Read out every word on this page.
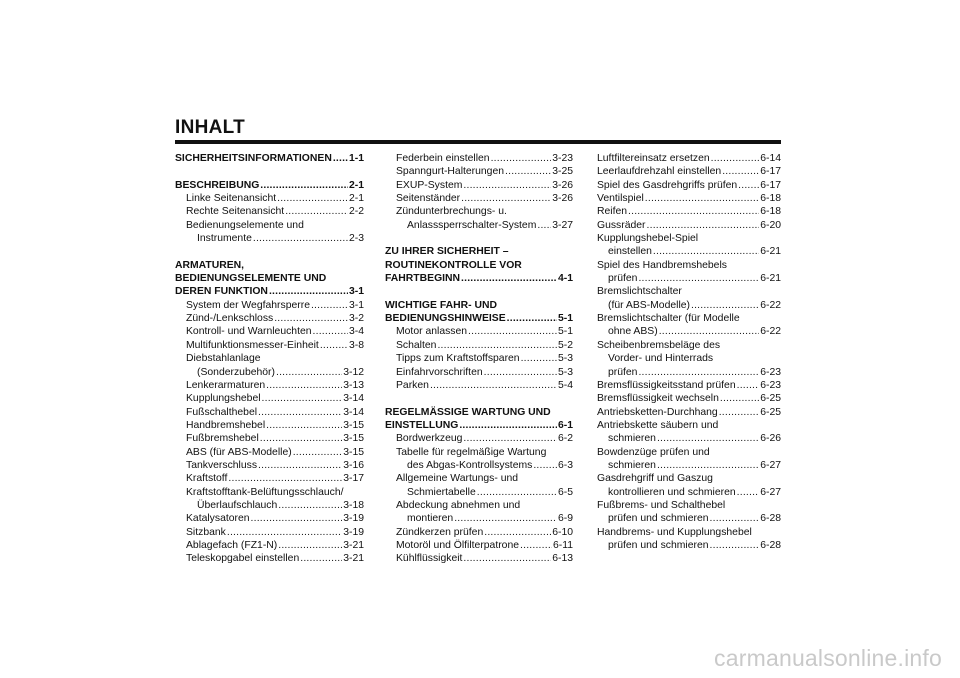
INHALT
SICHERHEITSINFORMATIONEN ..... 1-1
BESCHREIBUNG .....	2-1
Linke Seitenansicht .....	2-1
Rechte Seitenansicht .....	2-2
Bedienungselemente und
Instrumente .....	2-3
ARMATUREN,
BEDIENUNGSELEMENTE UND
DEREN FUNKTION .....	3-1
System der Wegfahrsperre .....	3-1
Zünd-/Lenkschloss .....	3-2
Kontroll- und Warnleuchten .....	3-4
Multifunktionsmesser-Einheit .....	3-8
Diebstahlanlage
(Sonderzubehör) .....	3-12
Lenkerarmaturen .....	3-13
Kupplungshebel .....	3-14
Fußschalthebel .....	3-14
Handbremshebel .....	3-15
Fußbremshebel .....	3-15
ABS (für ABS-Modelle) .....	3-15
Tankverschluss .....	3-16
Kraftstoff .....	3-17
Kraftstofftank-Belüftungsschlauch/
Überlaufschlauch .....	3-18
Katalysatoren .....	3-19
Sitzbank .....	3-19
Ablagefach (FZ1-N) .....	3-21
Teleskopgabel einstellen .....	3-21
Federbein einstellen .....	3-23
Spanngurt-Halterungen .....	3-25
EXUP-System .....	3-26
Seitenständer .....	3-26
Zündunterbrechungs- u.
Anlasssperrschalter-System ..... 3-27
ZU IHRER SICHERHEIT –
ROUTINEKONTROLLE VOR
FAHRTBEGINN .....	4-1
WICHTIGE FAHR- UND
BEDIENUNGSHINWEISE .....	5-1
Motor anlassen .....	5-1
Schalten .....	5-2
Tipps zum Kraftstoffsparen .....	5-3
Einfahrvorschriften .....	5-3
Parken .....	5-4
REGELMÄSSIGE WARTUNG UND
EINSTELLUNG .....	6-1
Bordwerkzeug .....	6-2
Tabelle für regelmäßige Wartung
des Abgas-Kontrollsystems ..... 6-3
Allgemeine Wartungs- und
Schmiertabelle .....	6-5
Abdeckung abnehmen und
montieren .....	6-9
Zündkerzen prüfen .....	6-10
Motoröl und Ölfilterpatrone .....	6-11
Kühlflüssigkeit .....	6-13
Luftfiltereinsatz ersetzen .....	6-14
Leerlaufdrehzahl einstellen .....	6-17
Spiel des Gasdrehgriffs prüfen ..... 6-17
Ventilspiel .....	6-18
Reifen .....	6-18
Gussräder .....	6-20
Kupplungshebel-Spiel
einstellen .....	6-21
Spiel des Handbremshebels
prüfen .....	6-21
Bremslichtschalter
(für ABS-Modelle) .....	6-22
Bremslichtschalter (für Modelle
ohne ABS) .....	6-22
Scheibenbremsbeläge des
Vorder- und Hinterrads
prüfen .....	6-23
Bremsflüssigkeitsstand prüfen ..... 6-23
Bremsflüssigkeit wechseln .....	6-25
Antriebsketten-Durchhang .....	6-25
Antriebskette säubern und
schmieren .....	6-26
Bowdenzüge prüfen und
schmieren .....	6-27
Gasdrehgriff und Gaszug
kontrollieren und schmieren ..... 6-27
Fußbrems- und Schalthebel
prüfen und schmieren .....	6-28
Handbrems- und Kupplungshebel
prüfen und schmieren .....	6-28
carmanualsonline.info
